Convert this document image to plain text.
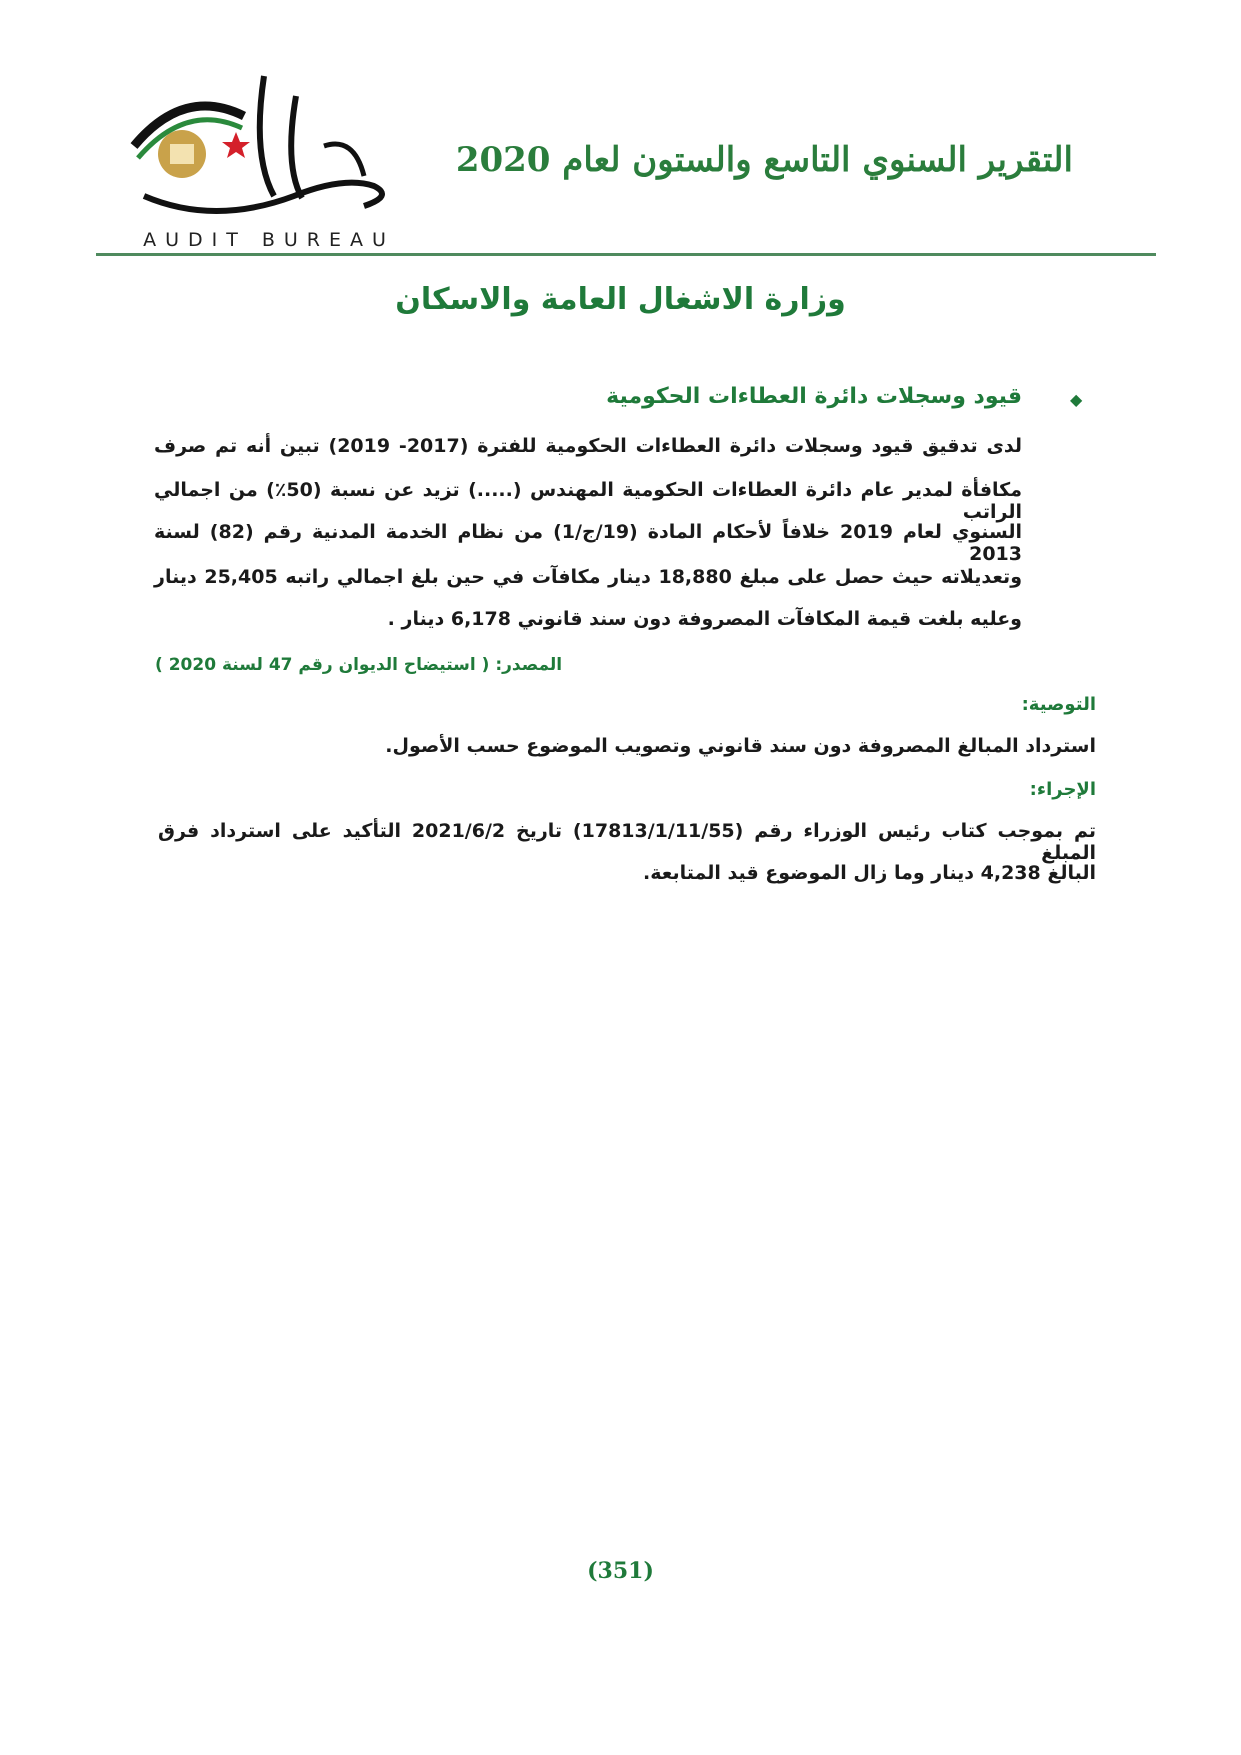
AUDIT BUREAU
التقرير السنوي التاسع والستون لعام 2020
وزارة الاشغال العامة والاسكان
◆
قيود وسجلات دائرة العطاءات الحكومية
لدى تدقيق قيود وسجلات دائرة العطاءات الحكومية للفترة (2017- 2019) تبين أنه تم صرف
مكافأة لمدير عام دائرة العطاءات الحكومية المهندس (.....) تزيد عن نسبة (50٪) من اجمالي الراتب
السنوي لعام 2019 خلافاً لأحكام المادة (19/ج/1) من نظام الخدمة المدنية رقم (82) لسنة 2013
وتعديلاته حيث حصل على مبلغ 18,880 دينار مكافآت في حين بلغ اجمالي راتبه 25,405 دينار
وعليه بلغت قيمة المكافآت المصروفة دون سند قانوني 6,178 دينار .
المصدر: ( استيضاح الديوان رقم 47 لسنة 2020 )
التوصية:
استرداد المبالغ المصروفة دون سند قانوني وتصويب الموضوع حسب الأصول.
الإجراء:
تم بموجب كتاب رئيس الوزراء رقم (17813/1/11/55) تاريخ 2021/6/2 التأكيد على استرداد فرق المبلغ
البالغ 4,238 دينار وما زال الموضوع قيد المتابعة.
(351)
